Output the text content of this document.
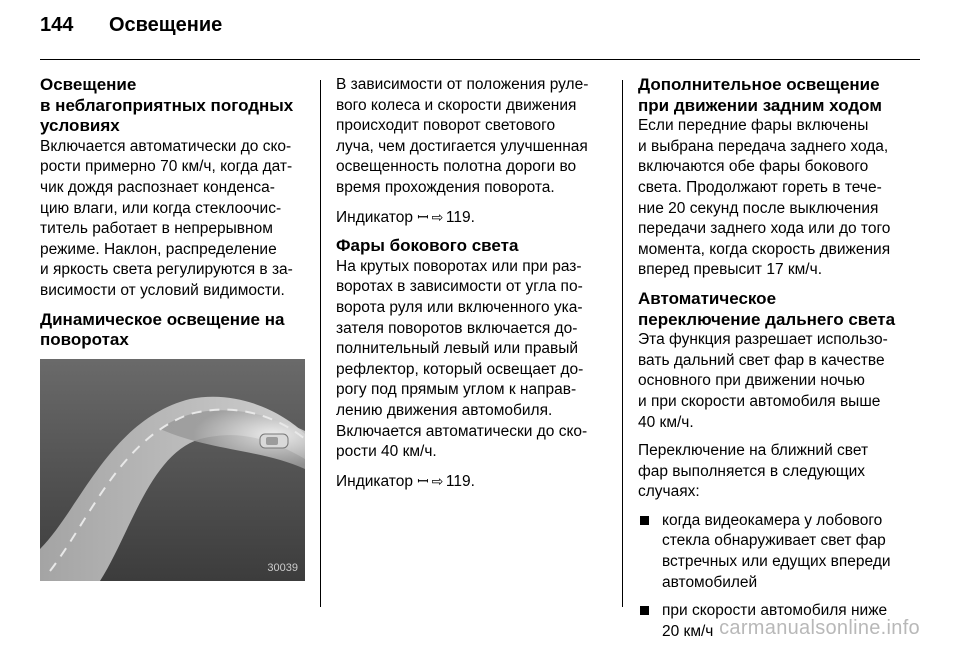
144 Освещение
Освещение
в неблагоприятных погодных
условиях
Включается автоматически до ско-
рости примерно 70 км/ч, когда дат-
чик дождя распознает конденса-
цию влаги, или когда стеклоочис-
титель работает в непрерывном
режиме. Наклон, распределение
и яркость света регулируются в за-
висимости от условий видимости.
Динамическое освещение на
поворотах
30039

В зависимости от положения руле-
вого колеса и скорости движения
происходит поворот светового
луча, чем достигается улучшенная
освещенность полотна дороги во
время прохождения поворота.

Индикатор ꟷ ⇨ 119.

Фары бокового света

На крутых поворотах или при раз-
воротах в зависимости от угла по-
ворота руля или включенного ука-
зателя поворотов включается до-
полнительный левый или правый
рефлектор, который освещает до-
рогу под прямым углом к направ-
лению движения автомобиля.
Включается автоматически до ско-
рости 40 км/ч.

Индикатор ꟷ ⇨ 119.

Дополнительное освещение
при движении задним ходом
Если передние фары включены
и выбрана передача заднего хода,
включаются обе фары бокового
света. Продолжают гореть в тече-
ние 20 секунд после выключения
передачи заднего хода или до того
момента, когда скорость движения
вперед превысит 17 км/ч.
Автоматическое
переключение дальнего света

Эта функция разрешает использо-
вать дальний свет фар в качестве
основного при движении ночью
и при скорости автомобиля выше
40 км/ч.

Переключение на ближний свет
фар выполняется в следующих
случаях:

когда видеокамера у лобового
стекла обнаруживает свет фар
встречных или едущих впереди
автомобилей
при скорости автомобиля ниже
20 км/ч carmanualsonline.info
